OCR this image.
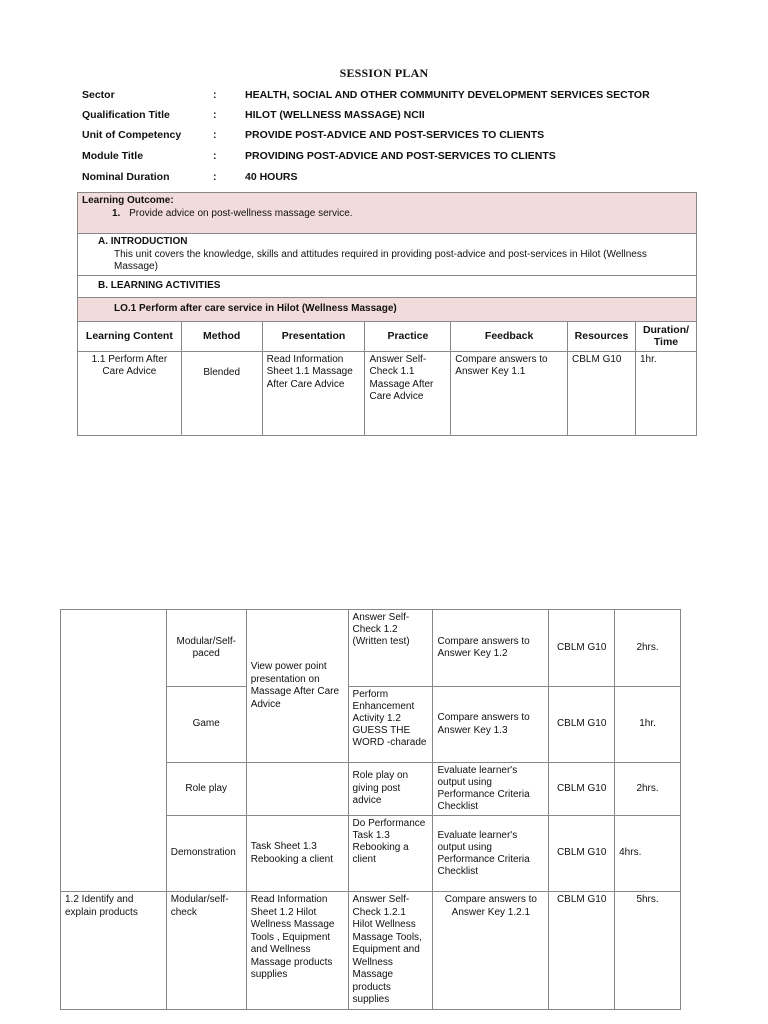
SESSION PLAN
Sector	:	HEALTH, SOCIAL AND OTHER COMMUNITY DEVELOPMENT SERVICES SECTOR
Qualification Title	:	HILOT (WELLNESS MASSAGE) NCII
Unit of Competency	:	PROVIDE POST-ADVICE AND POST-SERVICES TO CLIENTS
Module Title	:	PROVIDING POST-ADVICE AND POST-SERVICES TO CLIENTS
Nominal Duration	:	40 HOURS
Learning Outcome:
1. Provide advice on post-wellness massage service.						

A. INTRODUCTION
This unit covers the knowledge, skills and attitudes required in providing post-advice and post-services in Hilot (Wellness Massage)						

B. LEARNING ACTIVITIES						
LO.1 Perform after care service in Hilot (Wellness Massage)						
Learning Content	Method	Presentation	Practice	Feedback	Resources	Duration/ Time
1.1 Perform After Care Advice	Blended	Read Information Sheet 1.1 Massage After Care Advice	Answer Self-Check 1.1 Massage After Care Advice	Compare answers to Answer Key 1.1	CBLM G10	1hr.
	Modular/Self-paced	View power point presentation on Massage After Care Advice	Answer Self-Check 1.2 (Written test)	Compare answers to Answer Key 1.2	CBLM G10	2hrs.
	Game		Perform Enhancement Activity 1.2 GUESS THE WORD -charade	Compare answers to Answer Key 1.3	CBLM G10	1hr.
	Role play		Role play on giving post advice	Evaluate learner's output using Performance Criteria Checklist	CBLM G10	2hrs.
	Demonstration	Task Sheet 1.3 Rebooking a client	Do Performance Task 1.3 Rebooking a client	Evaluate learner's output using Performance Criteria Checklist	CBLM G10	4hrs.
1.2 Identify and explain products	Modular/self-check	Read Information Sheet 1.2 Hilot Wellness Massage Tools , Equipment and Wellness Massage products supplies	Answer Self-Check 1.2.1 Hilot Wellness Massage Tools, Equipment and Wellness Massage products supplies	Compare answers to Answer Key 1.2.1	CBLM G10	5hrs.
